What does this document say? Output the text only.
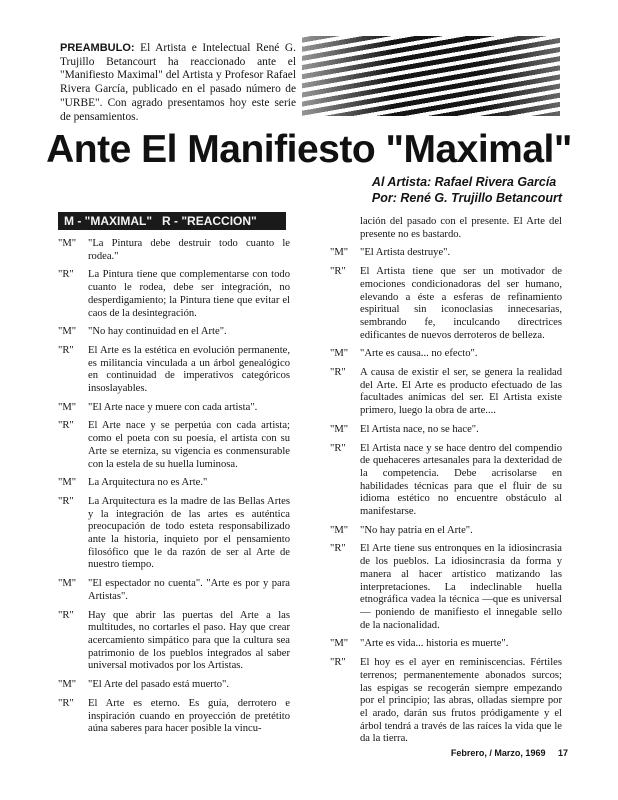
PREAMBULO: El Artista e Intelectual René G. Trujillo Betancourt ha reaccionado ante el "Manifiesto Maximal" del Artista y Profesor Rafael Rivera García, publicado en el pasado número de "URBE". Con agrado presentamos hoy este serie de pensamientos.
Ante El Manifiesto "Maximal"
Al Artista: Rafael Rivera García
Por: René G. Trujillo Betancourt
M - "MAXIMAL"   R - "REACCION"
"M"	"La Pintura debe destruir todo cuanto le rodea."
"R"	La Pintura tiene que complementarse con todo cuanto le rodea, debe ser integración, no desperdigamiento; la Pintura tiene que evitar el caos de la desintegración.
"M"	"No hay continuidad en el Arte".
"R"	El Arte es la estética en evolución permanente, es militancia vinculada a un árbol genealógico en continuidad de imperativos categóricos insoslayables.
"M"	"El Arte nace y muere con cada artista".
"R"	El Arte nace y se perpetúa con cada artista; como el poeta con su poesía, el artista con su Arte se eterniza, su vigencia es conmensurable con la estela de su huella luminosa.
"M"	La Arquitectura no es Arte."
"R"	La Arquitectura es la madre de las Bellas Artes y la integración de las artes es auténtica preocupación de todo esteta responsabilizado ante la historia, inquieto por el pensamiento filosófico que le da razón de ser al Arte de nuestro tiempo.
"M"	"El espectador no cuenta". "Arte es por y para Artistas".
"R"	Hay que abrir las puertas del Arte a las multitudes, no cortarles el paso. Hay que crear acercamiento simpático para que la cultura sea patrimonio de los pueblos integrados al saber universal motivados por los Artistas.
"M"	"El Arte del pasado está muerto".
"R"	El Arte es eterno. Es guía, derrotero e inspiración cuando en proyección de pretétito aúna saberes para hacer posible la vincu-
lación del pasado con el presente. El Arte del presente no es bastardo.
"M"	"El Artista destruye".
"R"	El Artista tiene que ser un motivador de emociones condicionadoras del ser humano, elevando a éste a esferas de refinamiento espiritual sin iconoclasias innecesarias, sembrando fe, inculcando directrices edificantes de nuevos derroteros de belleza.
"M"	"Arte es causa... no efecto".
"R"	A causa de existir el ser, se genera la realidad del Arte. El Arte es producto efectuado de las facultades anímicas del ser. El Artista existe primero, luego la obra de arte....
"M"	El Artista nace, no se hace".
"R"	El Artista nace y se hace dentro del compendio de quehaceres artesanales para la dexteridad de la competencia. Debe acrisolarse en habilidades técnicas para que el fluir de su idioma estético no encuentre obstáculo al manifestarse.
"M"	"No hay patria en el Arte".
"R"	El Arte tiene sus entronques en la idiosincrasia de los pueblos. La idiosincrasia da forma y manera al hacer artístico matizando las interpretaciones. La indeclinable huella etnográfica vadea la técnica —que es universal— poniendo de manifiesto el innegable sello de la nacionalidad.
"M"	"Arte es vida... historia es muerte".
"R"	El hoy es el ayer en reminiscencias. Fértiles terrenos; permanentemente abonados surcos; las espigas se recogerán siempre empezando por el principio; las abras, olladas siempre por el arado, darán sus frutos pródigamente y el árbol tendrá a través de las raíces la vida que le da la tierra.
Febrero, / Marzo, 1969 17
